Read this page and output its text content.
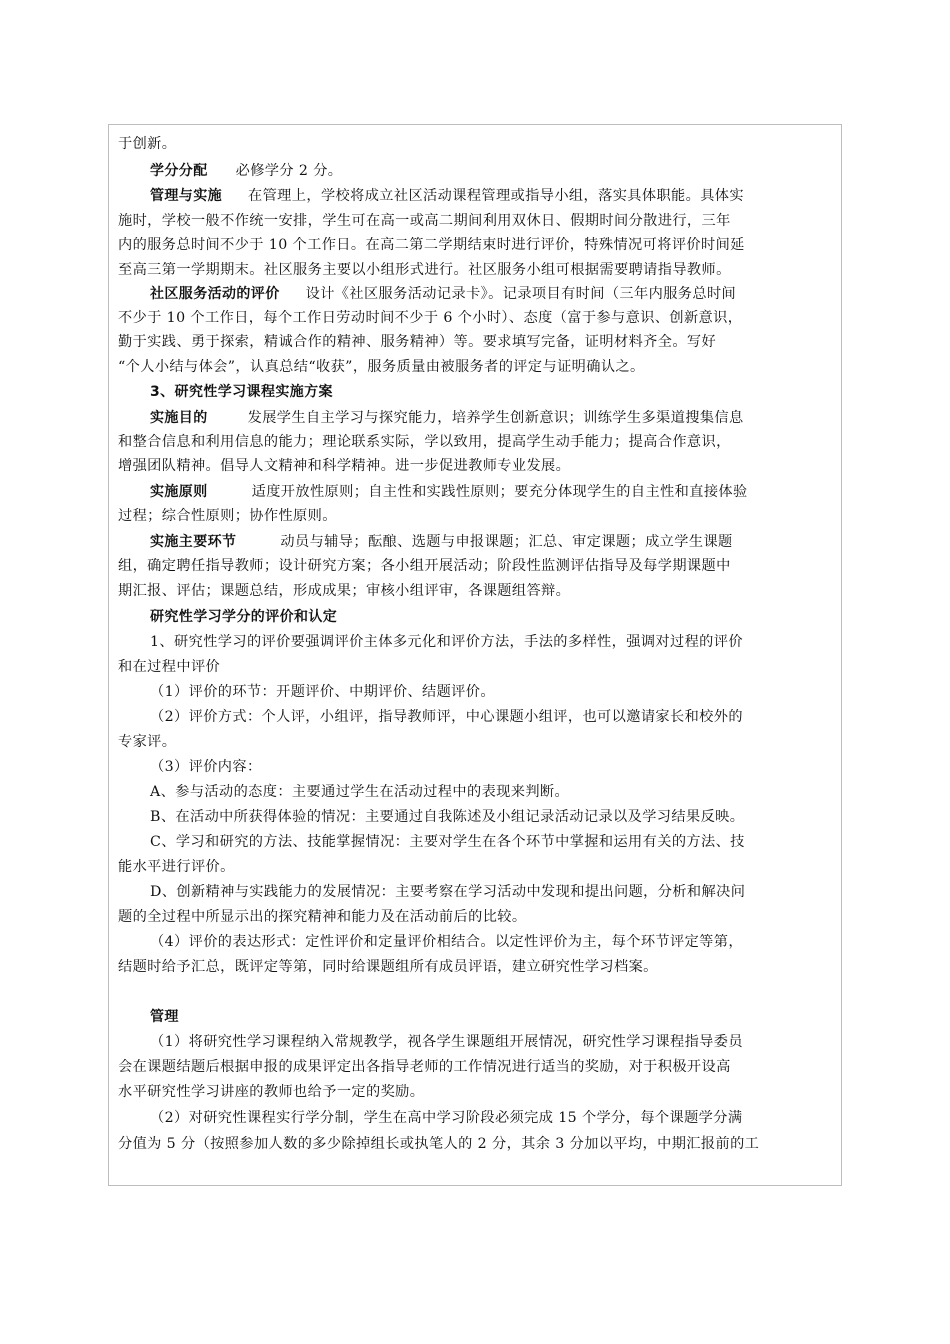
于创新。
学分分配 必修学分 2 分。
管理与实施 在管理上，学校将成立社区活动课程管理或指导小组，落实具体职能。具体实
施时，学校一般不作统一安排，学生可在高一或高二期间利用双休日、假期时间分散进行，三年
内的服务总时间不少于 10 个工作日。在高二第二学期结束时进行评价，特殊情况可将评价时间延
至高三第一学期期末。社区服务主要以小组形式进行。社区服务小组可根据需要聘请指导教师。
社区服务活动的评价 设计《社区服务活动记录卡》。记录项目有时间（三年内服务总时间
不少于 10 个工作日，每个工作日劳动时间不少于 6 个小时）、态度（富于参与意识、创新意识，
勤于实践、勇于探索，精诚合作的精神、服务精神）等。要求填写完备，证明材料齐全。写好
“个人小结与体会”，认真总结“收获”，服务质量由被服务者的评定与证明确认之。
3、研究性学习课程实施方案
实施目的	发展学生自主学习与探究能力，培养学生创新意识；训练学生多渠道搜集信息
和整合信息和利用信息的能力；理论联系实际，学以致用，提高学生动手能力；提高合作意识，
增强团队精神。倡导人文精神和科学精神。进一步促进教师专业发展。
实施原则	适度开放性原则；自主性和实践性原则；要充分体现学生的自主性和直接体验
过程；综合性原则；协作性原则。
实施主要环节	动员与辅导；酝酿、选题与申报课题；汇总、审定课题；成立学生课题
组，确定聘任指导教师；设计研究方案；各小组开展活动；阶段性监测评估指导及每学期课题中
期汇报、评估；课题总结，形成成果；审核小组评审，各课题组答辩。
研究性学习学分的评价和认定
1、研究性学习的评价要强调评价主体多元化和评价方法，手法的多样性，强调对过程的评价
和在过程中评价
（1）评价的环节：开题评价、中期评价、结题评价。
（2）评价方式：个人评，小组评，指导教师评，中心课题小组评，也可以邀请家长和校外的
专家评。
（3）评价内容：
A、参与活动的态度：主要通过学生在活动过程中的表现来判断。
B、在活动中所获得体验的情况：主要通过自我陈述及小组记录活动记录以及学习结果反映。
C、学习和研究的方法、技能掌握情况：主要对学生在各个环节中掌握和运用有关的方法、技
能水平进行评价。
D、创新精神与实践能力的发展情况：主要考察在学习活动中发现和提出问题，分析和解决问
题的全过程中所显示出的探究精神和能力及在活动前后的比较。
（4）评价的表达形式：定性评价和定量评价相结合。以定性评价为主，每个环节评定等第，
结题时给予汇总，既评定等第，同时给课题组所有成员评语，建立研究性学习档案。
管理
（1）将研究性学习课程纳入常规教学，视各学生课题组开展情况，研究性学习课程指导委员
会在课题结题后根据申报的成果评定出各指导老师的工作情况进行适当的奖励，对于积极开设高
水平研究性学习讲座的教师也给予一定的奖励。
（2）对研究性课程实行学分制，学生在高中学习阶段必须完成 15 个学分，每个课题学分满
分值为 5 分（按照参加人数的多少除掉组长或执笔人的 2 分，其余 3 分加以平均，中期汇报前的工
